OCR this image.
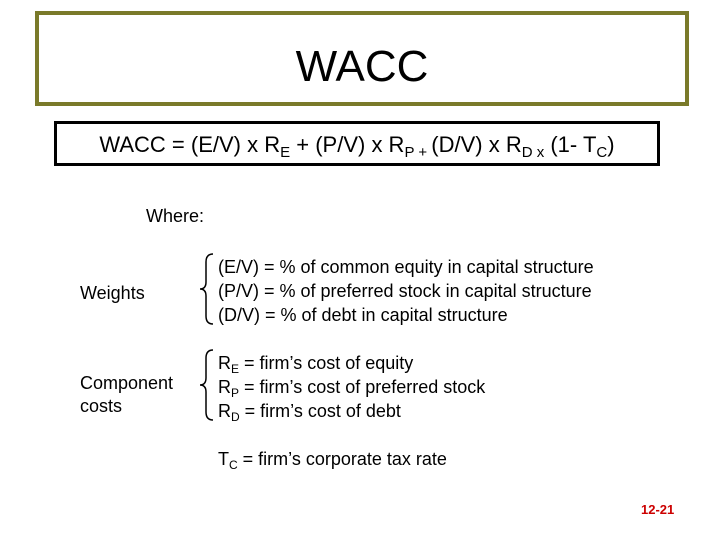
WACC
WACC = (E/V) x $R_E + (P/V)$ x $R_{P +}$ (D/V) x $R_{D x}$ (1- $T_C$)
Where:
Weights
(E/V) = % of common equity in capital structure
(P/V) = % of preferred stock in capital structure
(D/V) = % of debt in capital structure
Component
costs
$R_E$ = firm’s cost of equity
$R_P$ = firm’s cost of preferred stock
$R_D$ = firm’s cost of debt
$T_C$ = firm’s corporate tax rate
12-21
